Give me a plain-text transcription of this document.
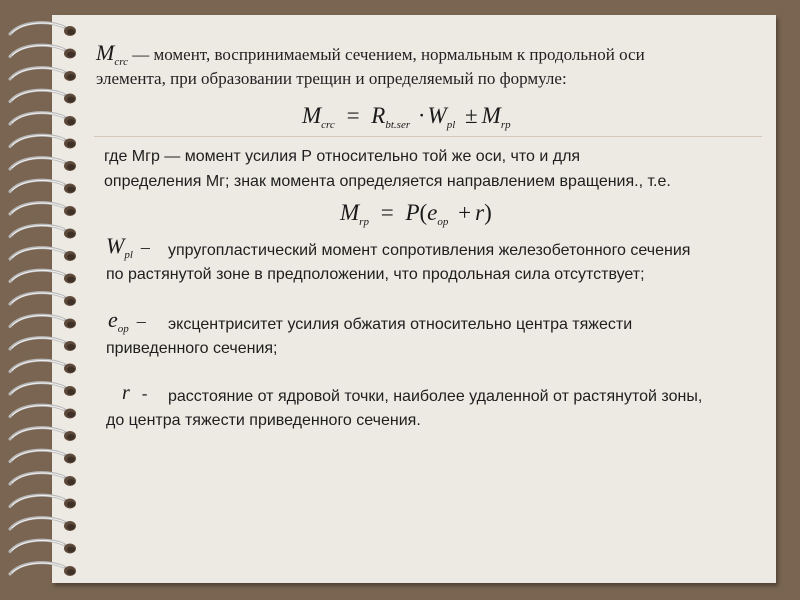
$M_{crc}$ — момент, воспринимаемый сечением, нормальным к продольной оси
элемента, при образовании трещин и определяемый по формуле:
$M_{crc} = R_{bt.ser} \cdot W_{pl} \pm M_{rp}$
где Mгр — момент усилия Р относительно той же оси, что и для
определения Mг; знак момента определяется направлением вращения., т.е.
$M_{rp} = P(e_{op} + r)$
$W_{pl}$ – упругопластический момент сопротивления железобетонного сечения
по растянутой зоне в предположении, что продольная сила отсутствует;
$e_{op}$ – эксцентриситет усилия обжатия относительно центра тяжести
приведенного сечения;
r - расстояние от ядровой точки, наиболее удаленной от растянутой зоны,
до центра тяжести приведенного сечения.
